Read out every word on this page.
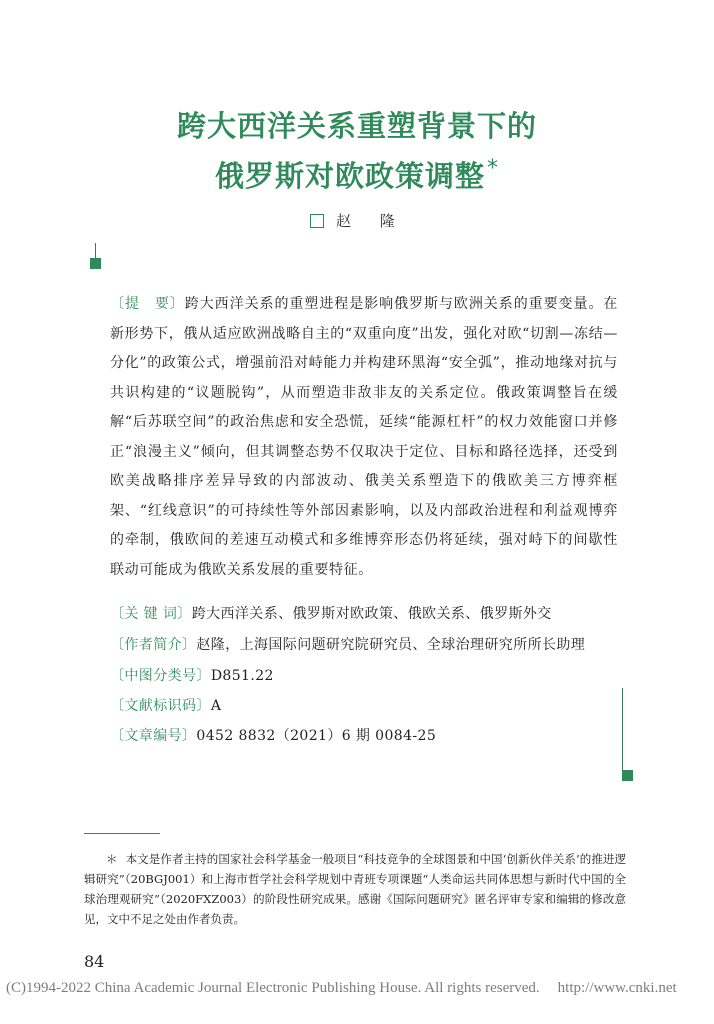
跨大西洋关系重塑背景下的
俄罗斯对欧政策调整*
赵 隆
〔提　要〕跨大西洋关系的重塑进程是影响俄罗斯与欧洲关系的重要变量。在新形势下，俄从适应欧洲战略自主的“双重向度”出发，强化对欧“切割—冻结—分化”的政策公式，增强前沿对峙能力并构建环黑海“安全弧”，推动地缘对抗与共识构建的“议题脱钩”，从而塑造非敌非友的关系定位。俄政策调整旨在缓解“后苏联空间”的政治焦虑和安全恐慌，延续“能源杠杆”的权力效能窗口并修正“浪漫主义”倾向，但其调整态势不仅取决于定位、目标和路径选择，还受到欧美战略排序差异导致的内部波动、俄美关系塑造下的俄欧美三方博弈框架、“红线意识”的可持续性等外部因素影响，以及内部政治进程和利益观博弈的牵制，俄欧间的差速互动模式和多维博弈形态仍将延续，强对峙下的间歇性联动可能成为俄欧关系发展的重要特征。
〔关 键 词〕跨大西洋关系、俄罗斯对欧政策、俄欧关系、俄罗斯外交
〔作者简介〕赵隆，上海国际问题研究院研究员、全球治理研究所所长助理
〔中图分类号〕D851.22
〔文献标识码〕A
〔文章编号〕0452 8832（2021）6 期 0084-25
＊ 本文是作者主持的国家社会科学基金一般项目“科技竞争的全球图景和中国‘创新伙伴关系’的推进逻辑研究”（20BGJ001）和上海市哲学社会科学规划中青班专项课题“人类命运共同体思想与新时代中国的全球治理观研究”（2020FXZ003）的阶段性研究成果。感谢《国际问题研究》匿名评审专家和编辑的修改意见，文中不足之处由作者负责。
84
(C)1994-2022 China Academic Journal Electronic Publishing House. All rights reserved. http://www.cnki.net
